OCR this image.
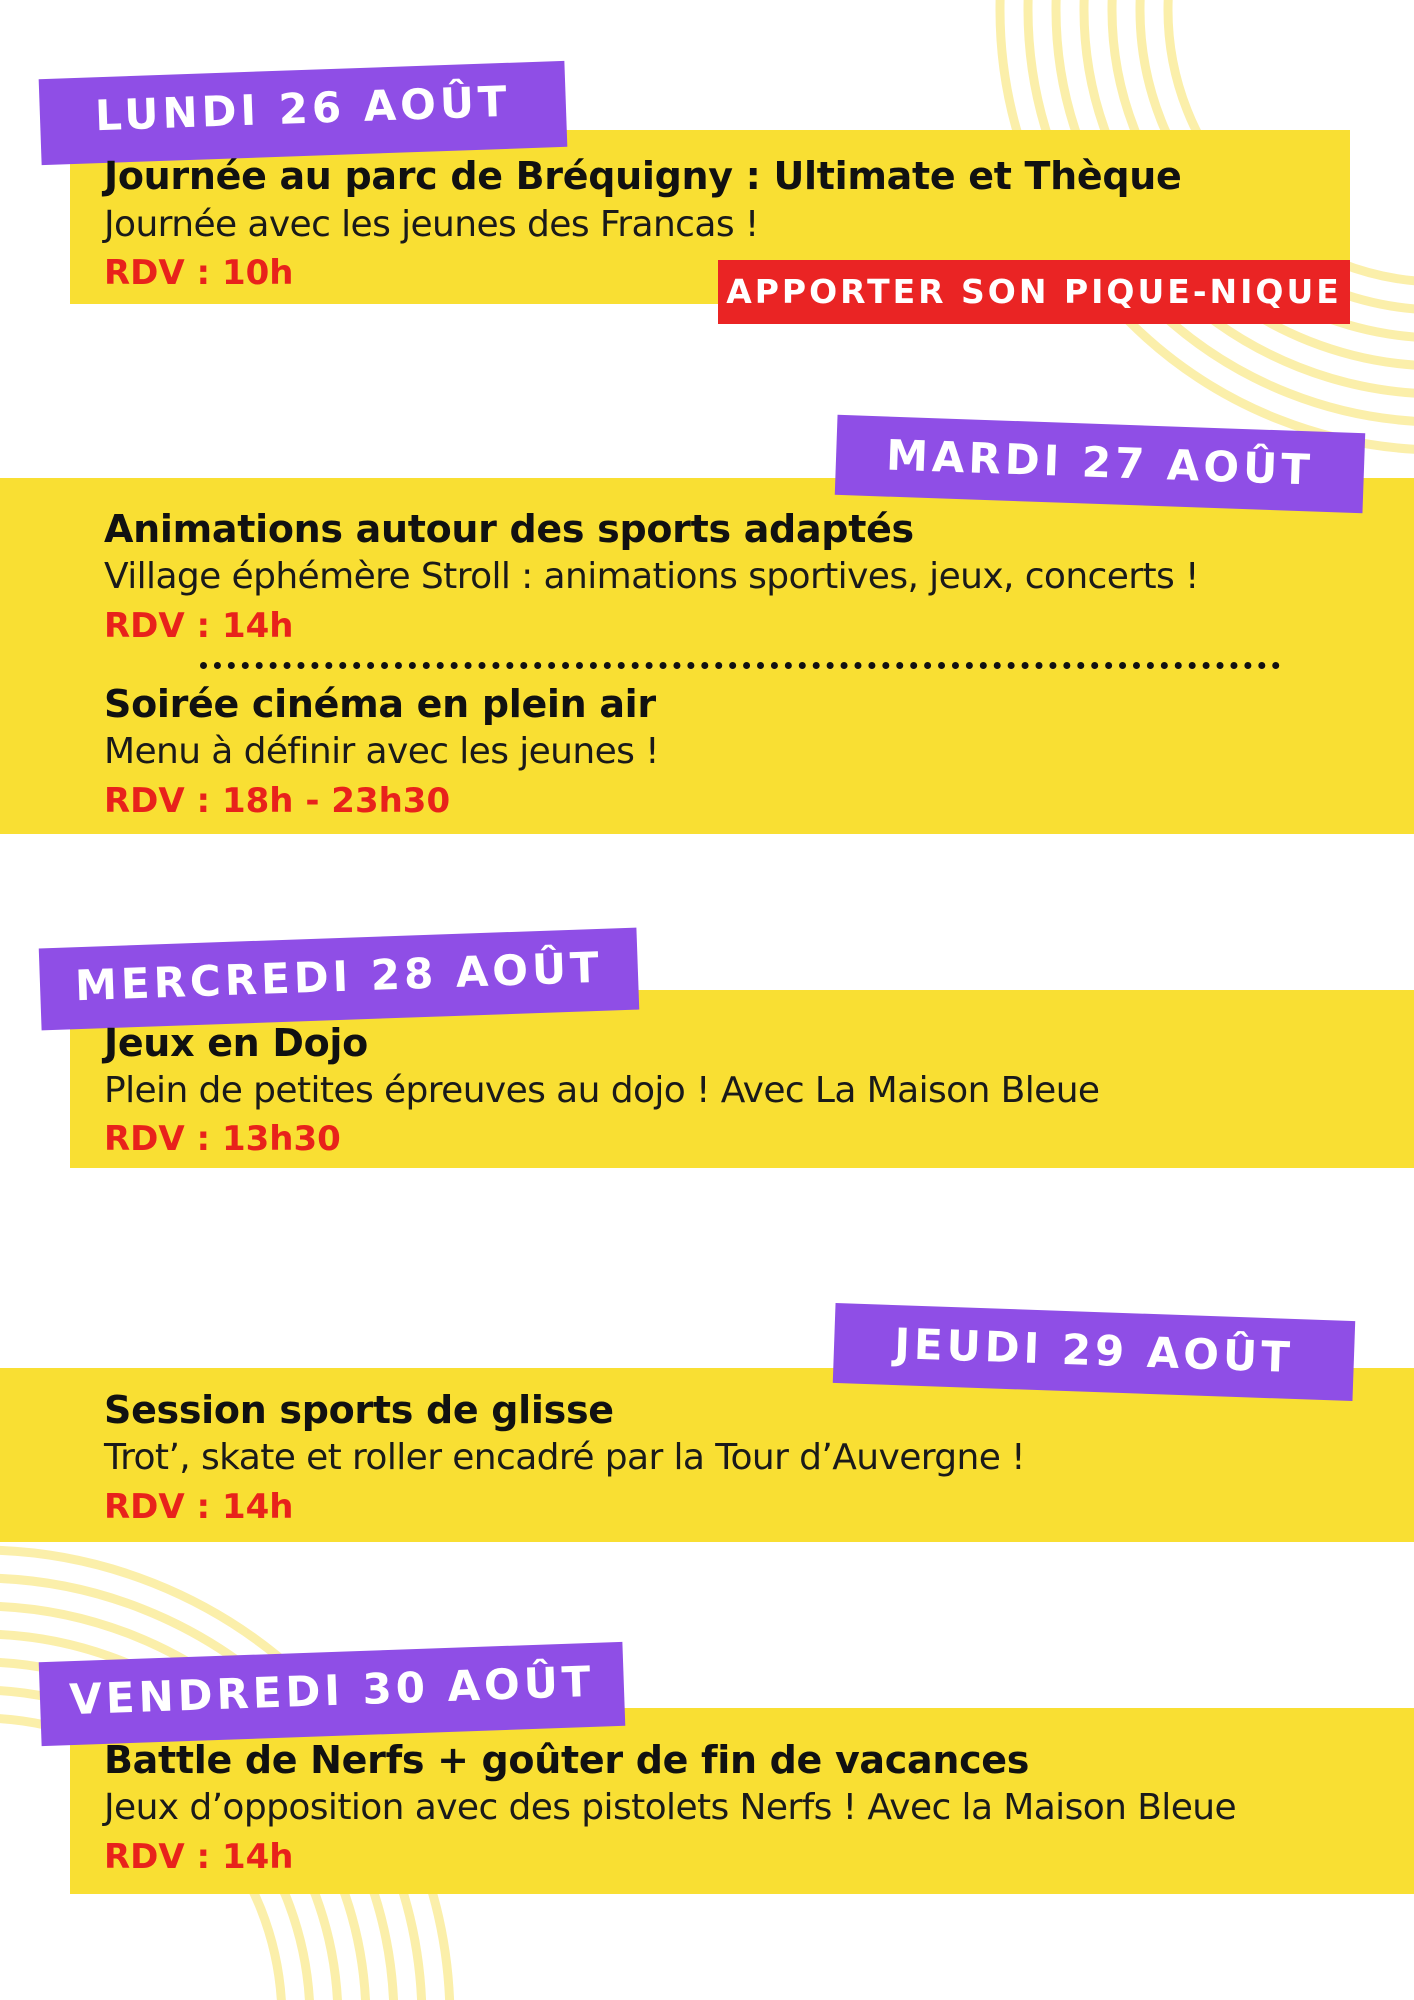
LUNDI 26 AOÛT

Journée au parc de Bréquigny : Ultimate et Thèque

Journée avec les jeunes des Francas !

RDV : 10h	APPORTER SON PIQUE-NIQUE
MARDI 27 AOÛT

Animations autour des sports adaptés

Village éphémère Stroll : animations sportives, jeux, concerts !

RDV : 14h

Soirée cinéma en plein air

Menu à définir avec les jeunes !

RDV : 18h - 23h30

MERCREDI 28 AOÛT

Jeux en Dojo

Plein de petites épreuves au dojo ! Avec La Maison Bleue

RDV : 13h30

JEUDI 29 AOÛT

Session sports de glisse

Trot’, skate et roller encadré par la Tour d’Auvergne !

RDV : 14h

VENDREDI 30 AOÛT

Battle de Nerfs + goûter de fin de vacances

Jeux d’opposition avec des pistolets Nerfs ! Avec la Maison Bleue

RDV : 14h
